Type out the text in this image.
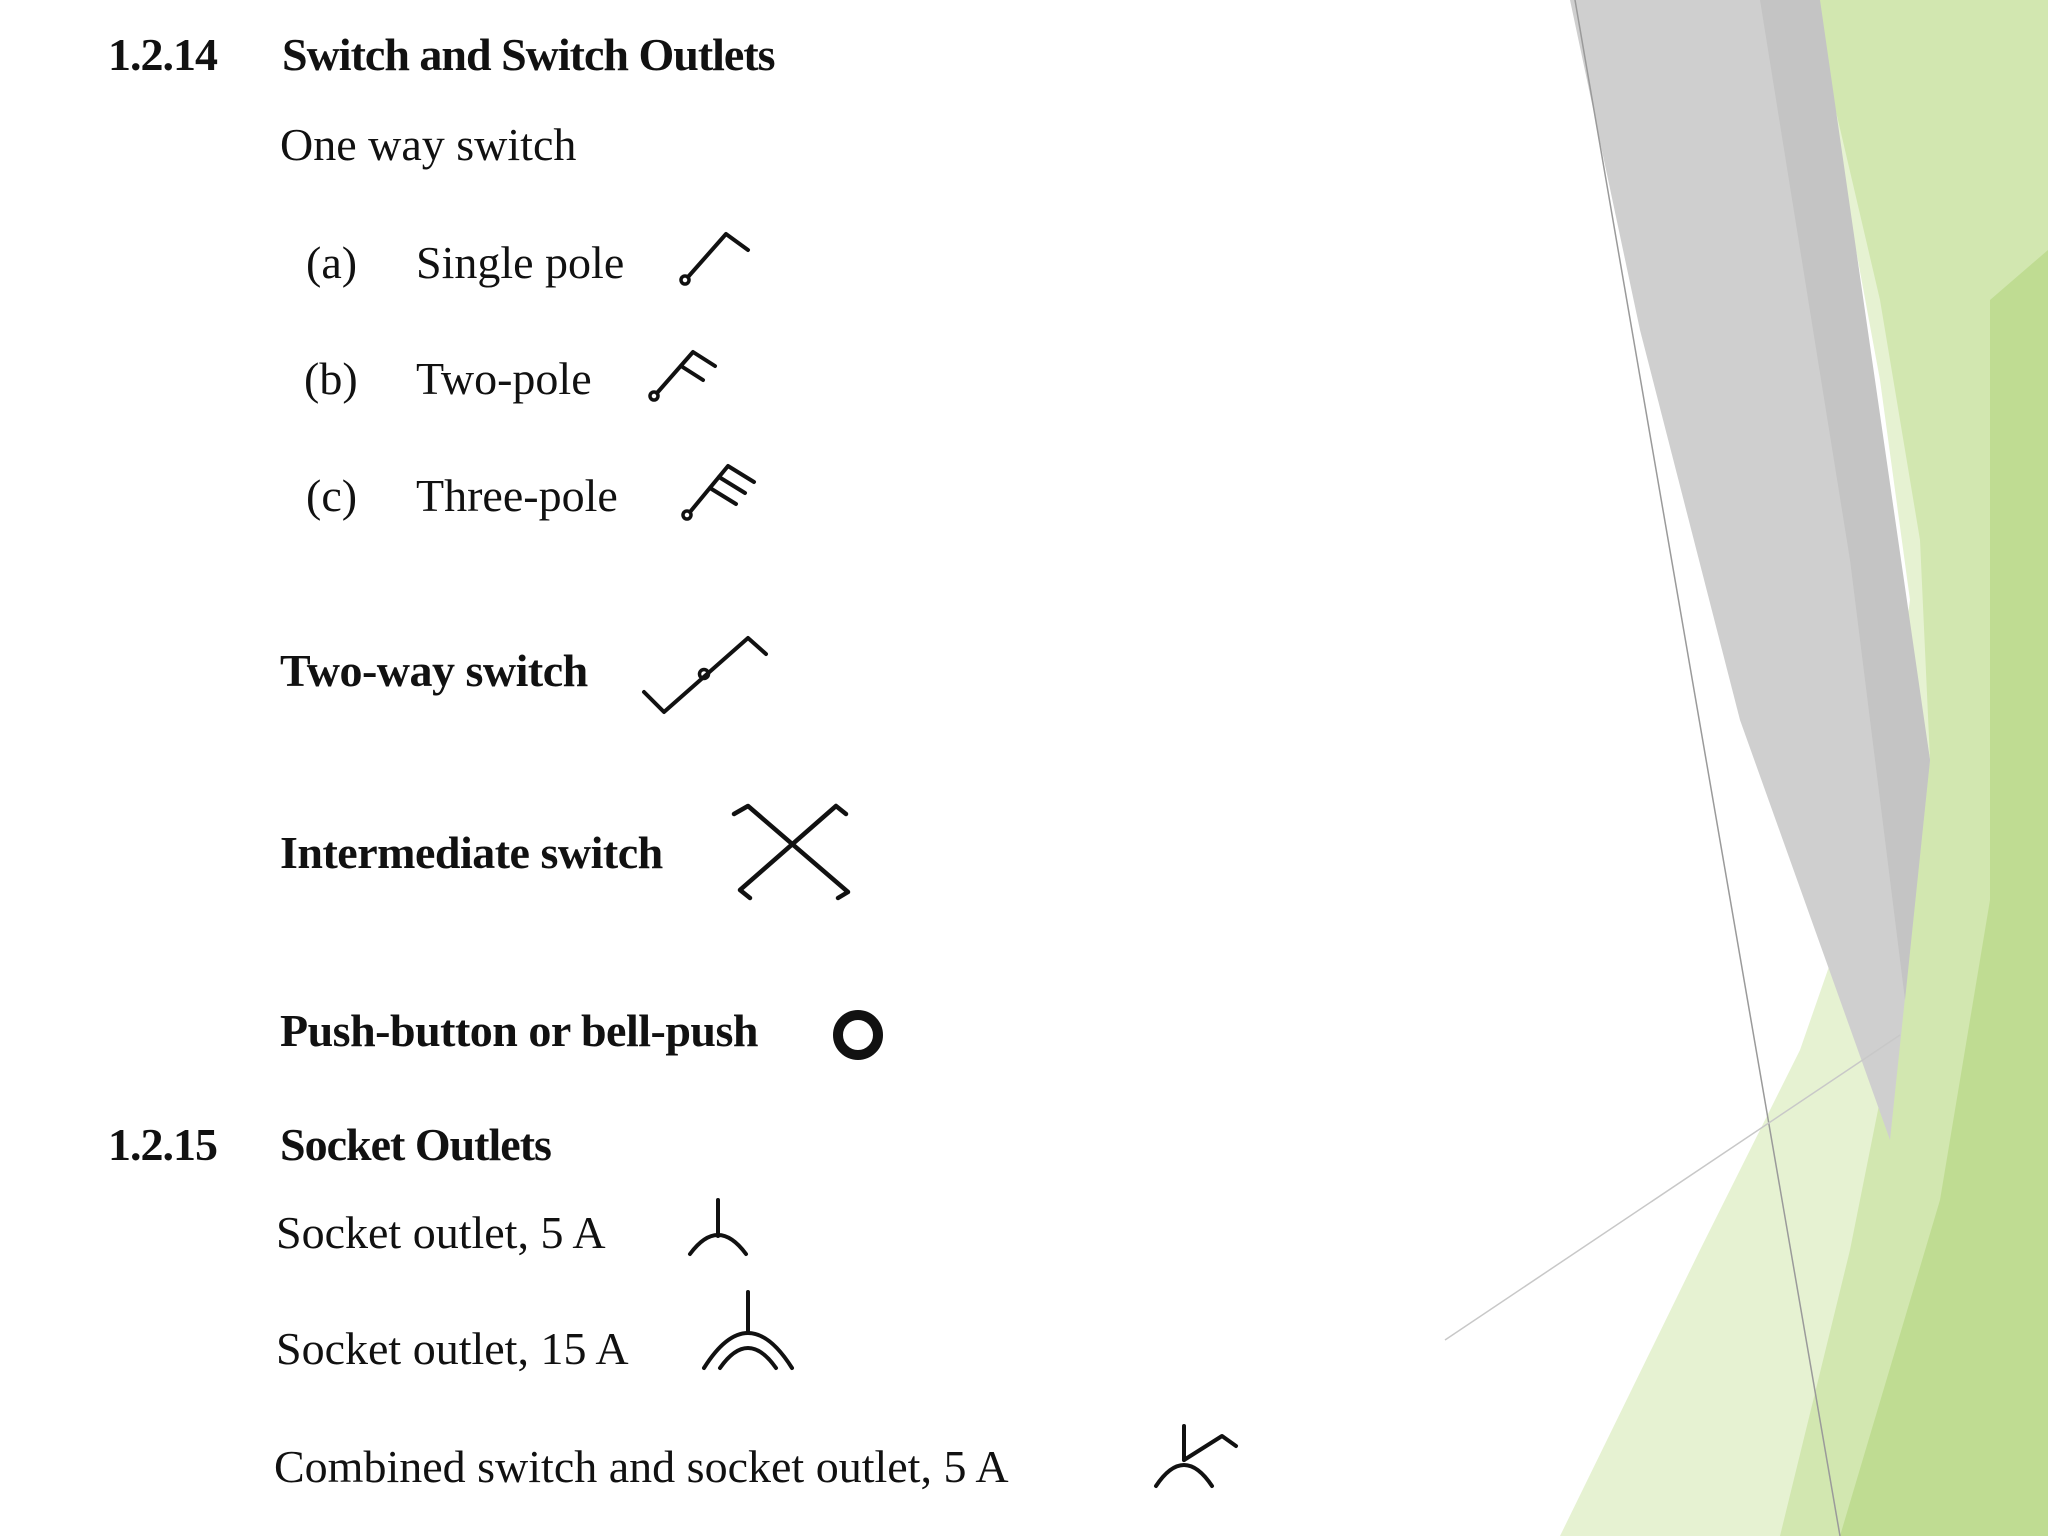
1.2.14 Switch and Switch Outlets
One way switch
(a) Single pole
(b) Two-pole
(c) Three-pole
Two-way switch
Intermediate switch
Push-button or bell-push
1.2.15 Socket Outlets
Socket outlet, 5 A
Socket outlet, 15 A
Combined switch and socket outlet, 5 A
